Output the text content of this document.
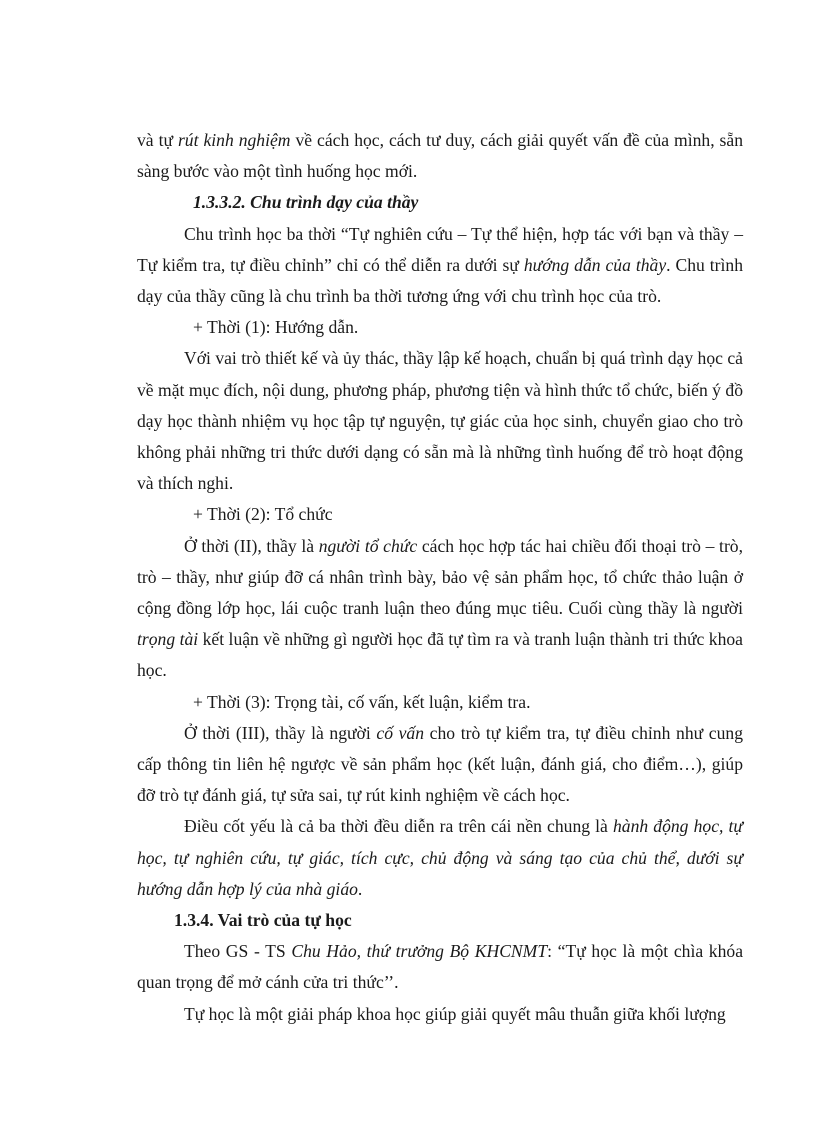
và tự rút kinh nghiệm về cách học, cách tư duy, cách giải quyết vấn đề của mình, sẵn sàng bước vào một tình huống học mới.

1.3.3.2. Chu trình dạy của thầy

Chu trình học ba thời “Tự nghiên cứu – Tự thể hiện, hợp tác với bạn và thầy – Tự kiểm tra, tự điều chỉnh” chỉ có thể diễn ra dưới sự hướng dẫn của thầy. Chu trình dạy của thầy cũng là chu trình ba thời tương ứng với chu trình học của trò.

+ Thời (1): Hướng dẫn.

Với vai trò thiết kế và ủy thác, thầy lập kế hoạch, chuẩn bị quá trình dạy học cả về mặt mục đích, nội dung, phương pháp, phương tiện và hình thức tổ chức, biến ý đồ dạy học thành nhiệm vụ học tập tự nguyện, tự giác của học sinh, chuyển giao cho trò không phải những tri thức dưới dạng có sẵn mà là những tình huống để trò hoạt động và thích nghi.

+ Thời (2): Tổ chức

Ở thời (II), thầy là người tổ chức cách học hợp tác hai chiều đối thoại trò – trò, trò – thầy, như giúp đỡ cá nhân trình bày, bảo vệ sản phẩm học, tổ chức thảo luận ở cộng đồng lớp học, lái cuộc tranh luận theo đúng mục tiêu. Cuối cùng thầy là người trọng tài kết luận về những gì người học đã tự tìm ra và tranh luận thành tri thức khoa học.

+ Thời (3): Trọng tài, cố vấn, kết luận, kiểm tra.

Ở thời (III), thầy là người cố vấn cho trò tự kiểm tra, tự điều chỉnh như cung cấp thông tin liên hệ ngược về sản phẩm học (kết luận, đánh giá, cho điểm…), giúp đỡ trò tự đánh giá, tự sửa sai, tự rút kinh nghiệm về cách học.

Điều cốt yếu là cả ba thời đều diễn ra trên cái nền chung là hành động học, tự học, tự nghiên cứu, tự giác, tích cực, chủ động và sáng tạo của chủ thể, dưới sự hướng dẫn hợp lý của nhà giáo.

1.3.4. Vai trò của tự học

Theo GS - TS Chu Hảo, thứ trưởng Bộ KHCNMT: “Tự học là một chìa khóa quan trọng để mở cánh cửa tri thức’’.

Tự học là một giải pháp khoa học giúp giải quyết mâu thuẫn giữa khối lượng
